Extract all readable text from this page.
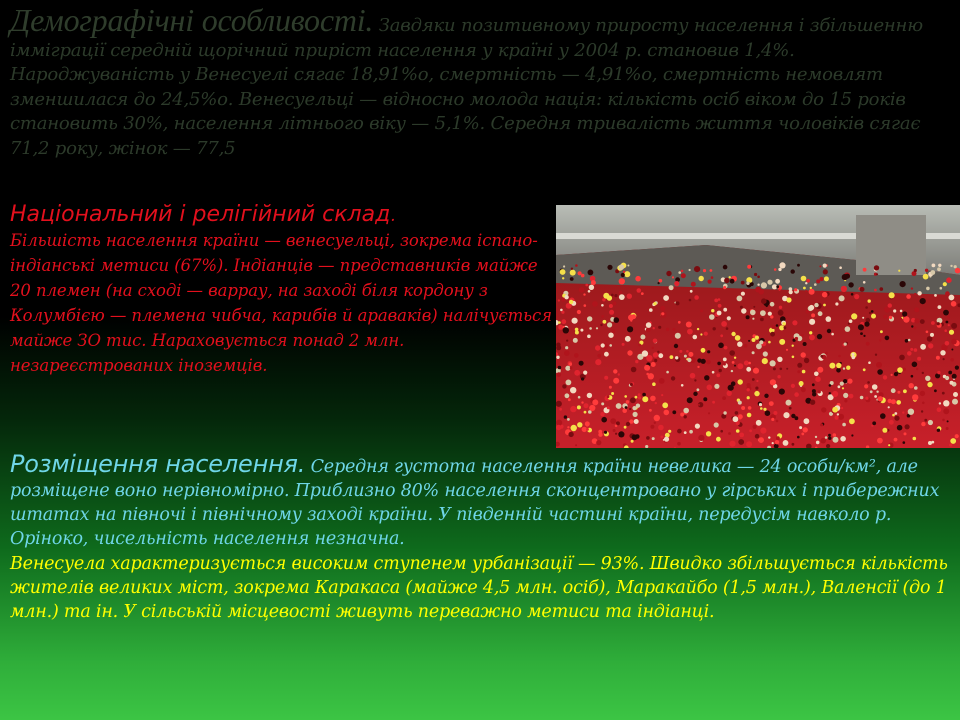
Демографічні особливості. Завдяки позитивному приросту населення і збільшенню імміграції середній щорічний приріст населення у країні у 2004 р. становив 1,4%. Народжуваність у Венесуелі сягає 18,91%о, смертність — 4,91%о, смертність немовлят зменшилася до 24,5%о. Венесуельці — відносно молода нація: кількість осіб віком до 15 років становить 30%, населення літнього віку — 5,1%. Середня тривалість життя чоловіків сягає 71,2 року, жінок — 77,5
Національний і релігійний склад.
Більшість населення країни — венесуельці, зокрема іспано-індіанські метиси (67%). Індіанців — представників майже 20 племен (на сході — варрау, на заході біля кордону з Колумбією — племена чибча, карибів й араваків) налічується майже ЗО тис. Нараховується понад 2 млн. незареєстрованих іноземців.
Розміщення населення. Середня густота населення країни невелика — 24 особи/км², але розміщене воно нерівномірно. Приблизно 80% населення сконцентровано у гірських і прибережних штатах на півночі і північному заході країни. У південній частині країни, передусім навколо р. Оріноко, чисельність населення незначна.
Венесуела характеризується високим ступенем урбанізації — 93%. Швидко збільшується кількість жителів великих міст, зокрема Каракаса (майже 4,5 млн. осіб), Маракайбо (1,5 млн.), Валенсії (до 1 млн.) та ін. У сільській місцевості живуть переважно метиси та індіанці.
